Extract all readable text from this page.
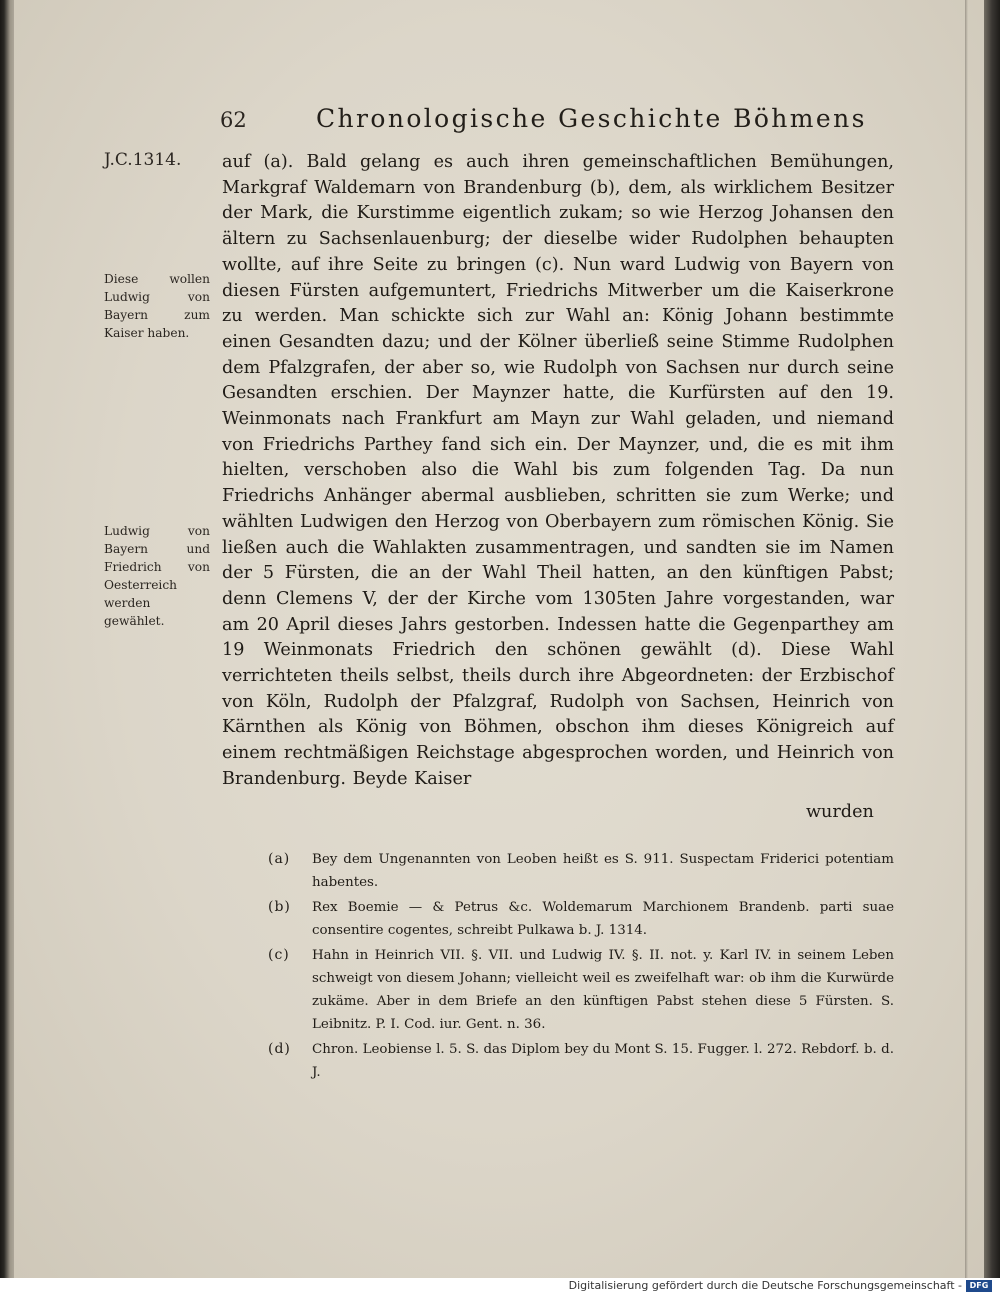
62	Chronologische Geschichte Böhmens
J.C.1314.
Diese wollen Ludwig von Bayern zum Kaiser haben.
Ludwig von Bayern und Friedrich von Oesterreich werden gewählet.
auf (a). Bald gelang es auch ihren gemeinschaftlichen Bemühungen, Markgraf Waldemarn von Brandenburg (b), dem, als wirklichem Besitzer der Mark, die Kurstimme eigentlich zukam; so wie Herzog Johansen den ältern zu Sachsenlauenburg; der dieselbe wider Rudolphen behaupten wollte, auf ihre Seite zu bringen (c). Nun ward Ludwig von Bayern von diesen Fürsten aufgemuntert, Friedrichs Mitwerber um die Kaiserkrone zu werden. Man schickte sich zur Wahl an: König Johann bestimmte einen Gesandten dazu; und der Kölner überließ seine Stimme Rudolphen dem Pfalzgrafen, der aber so, wie Rudolph von Sachsen nur durch seine Gesandten erschien. Der Maynzer hatte, die Kurfürsten auf den 19. Weinmonats nach Frankfurt am Mayn zur Wahl geladen, und niemand von Friedrichs Parthey fand sich ein. Der Maynzer, und, die es mit ihm hielten, verschoben also die Wahl bis zum folgenden Tag. Da nun Friedrichs Anhänger abermal ausblieben, schritten sie zum Werke; und wählten Ludwigen den Herzog von Oberbayern zum römischen König. Sie ließen auch die Wahlakten zusammentragen, und sandten sie im Namen der 5 Fürsten, die an der Wahl Theil hatten, an den künftigen Pabst; denn Clemens V, der der Kirche vom 1305ten Jahre vorgestanden, war am 20 April dieses Jahrs gestorben. Indessen hatte die Gegenparthey am 19 Weinmonats Friedrich den schönen gewählt (d). Diese Wahl verrichteten theils selbst, theils durch ihre Abgeordneten: der Erzbischof von Köln, Rudolph der Pfalzgraf, Rudolph von Sachsen, Heinrich von Kärnthen als König von Böhmen, obschon ihm dieses Königreich auf einem rechtmäßigen Reichstage abgesprochen worden, und Heinrich von Brandenburg. Beyde Kaiser
wurden
(a) Bey dem Ungenannten von Leoben heißt es S. 911. Suspectam Friderici potentiam habentes.
(b) Rex Boemie — & Petrus &c. Woldemarum Marchionem Brandenb. parti suae consentire cogentes, schreibt Pulkawa b. J. 1314.
(c) Hahn in Heinrich VII. §. VII. und Ludwig IV. §. II. not. y. Karl IV. in seinem Leben schweigt von diesem Johann; vielleicht weil es zweifelhaft war: ob ihm die Kurwürde zukäme. Aber in dem Briefe an den künftigen Pabst stehen diese 5 Fürsten. S. Leibnitz. P. I. Cod. iur. Gent. n. 36.
(d) Chron. Leobiense l. 5. S. das Diplom bey du Mont S. 15. Fugger. l. 272. Rebdorf. b. d. J.
Digitalisierung gefördert durch die Deutsche Forschungsgemeinschaft - DFG
